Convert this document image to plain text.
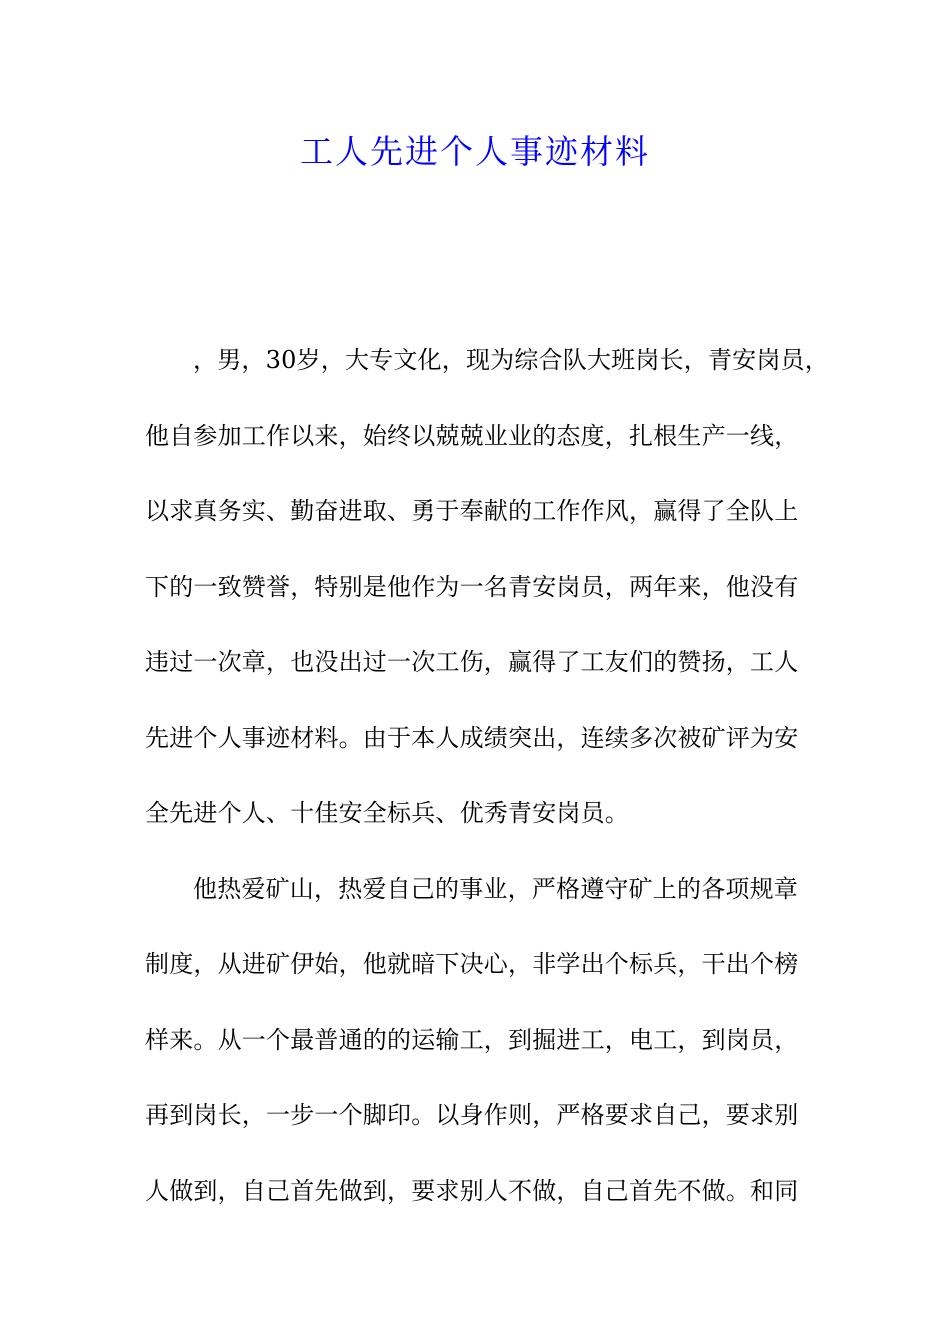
工人先进个人事迹材料
，男，30岁，大专文化，现为综合队大班岗长，青安岗员，
他自参加工作以来，始终以兢兢业业的态度，扎根生产一线，
以求真务实、勤奋进取、勇于奉献的工作作风，赢得了全队上
下的一致赞誉，特别是他作为一名青安岗员，两年来，他没有
违过一次章，也没出过一次工伤，赢得了工友们的赞扬，工人
先进个人事迹材料。由于本人成绩突出，连续多次被矿评为安
全先进个人、十佳安全标兵、优秀青安岗员。
他热爱矿山，热爱自己的事业，严格遵守矿上的各项规章
制度，从进矿伊始，他就暗下决心，非学出个标兵，干出个榜
样来。从一个最普通的的运输工，到掘进工，电工，到岗员，
再到岗长，一步一个脚印。以身作则，严格要求自己，要求别
人做到，自己首先做到，要求别人不做，自己首先不做。和同
